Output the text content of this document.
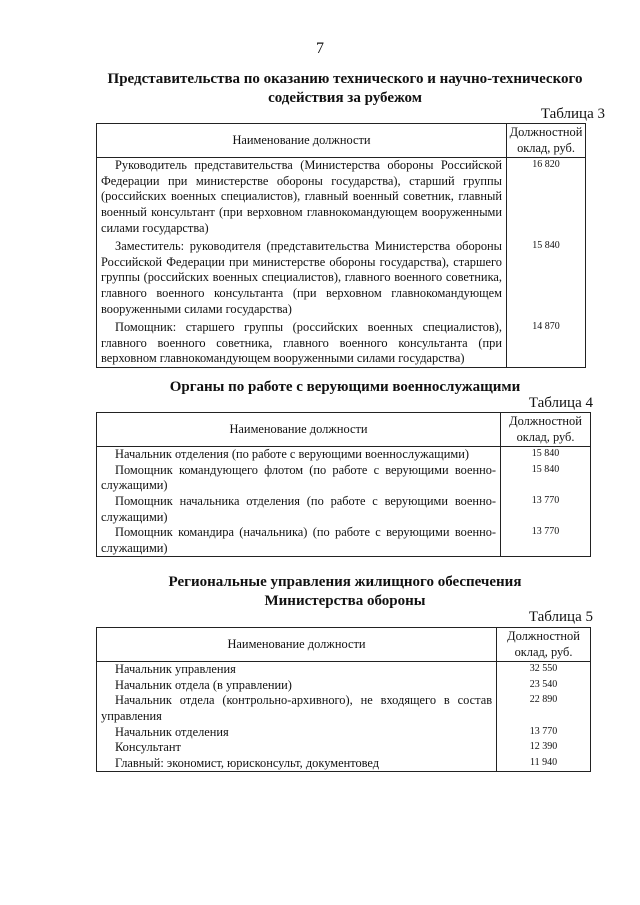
7
Представительства по оказанию технического и научно-технического
содействия за рубежом
Таблица 3
Наименование должности	Должностной
оклад, руб.

Руководитель представительства (Министерства обороны Российской Федерации при министерстве обороны государства), старший группы (российских военных специалистов), главный военный советник, главный военный консультант (при верховном главнокомандующем вооруженными силами государства)	16 820
Заместитель: руководителя (представительства Министерства обороны Российской Федерации при министерстве обороны государства), старшего группы (российских военных специалистов), главного военного советника, главного военного консультанта (при верховном главнокомандующем вооруженными силами государства)	15 840
Помощник: старшего группы (российских военных специалистов), главного военного советника, главного военного консультанта (при верховном главнокомандующем вооруженными силами государства)	14 870
Органы по работе с верующими военнослужащими
Таблица 4
Наименование должности	Должностной
оклад, руб.

Начальник отделения (по работе с верующими военнослужащими)	15 840
Помощник командующего флотом (по работе с верующими военно-служащими)	15 840
Помощник начальника отделения (по работе с верующими военно-служащими)	13 770
Помощник командира (начальника) (по работе с верующими военно-служащими)	13 770
Региональные управления жилищного обеспечения
Министерства обороны
Таблица 5
Наименование должности	Должностной
оклад, руб.

Начальник управления	32 550
Начальник отдела (в управлении)	23 540
Начальник отдела (контрольно-архивного), не входящего в состав управления	22 890
Начальник отделения	13 770
Консультант	12 390
Главный: экономист, юрисконсульт, документовед	11 940
